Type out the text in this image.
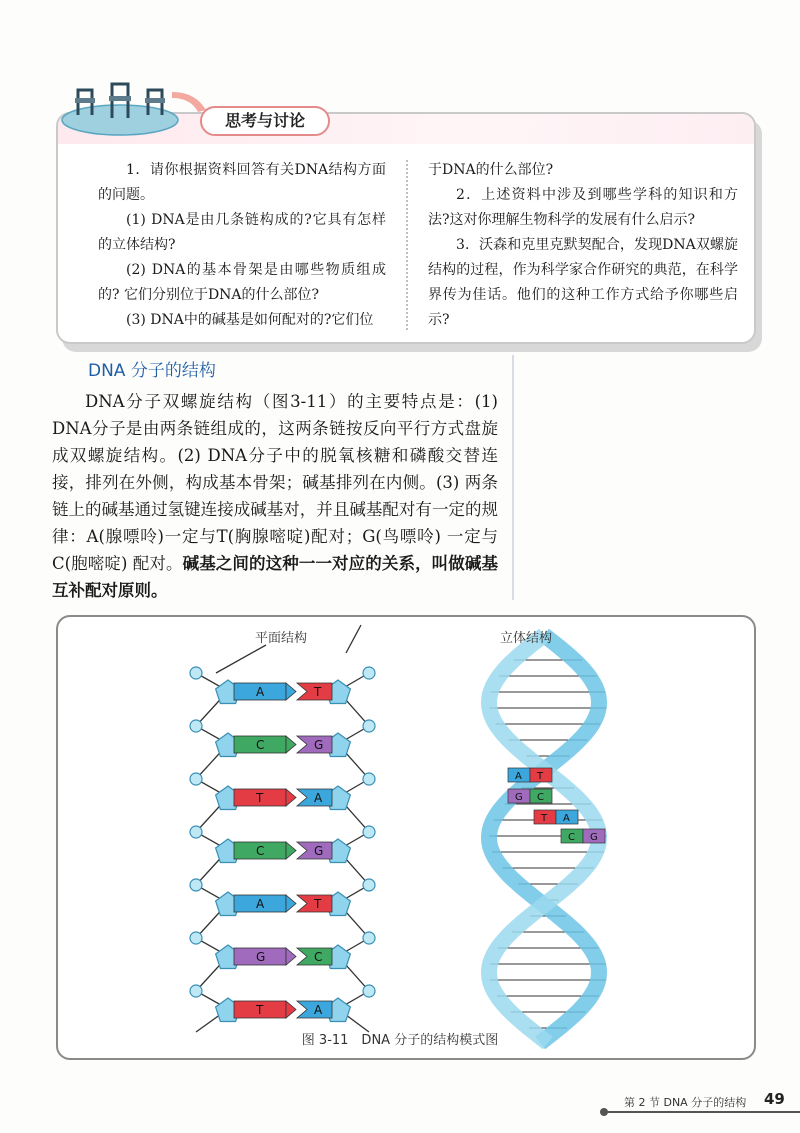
思考与讨论

1．请你根据资料回答有关DNA结构方面的问题。

(1) DNA是由几条链构成的?它具有怎样的立体结构?

(2) DNA的基本骨架是由哪些物质组成的? 它们分别位于DNA的什么部位?

(3) DNA中的碱基是如何配对的?它们位

于DNA的什么部位?

2．上述资料中涉及到哪些学科的知识和方法?这对你理解生物科学的发展有什么启示?

3．沃森和克里克默契配合，发现DNA双螺旋结构的过程，作为科学家合作研究的典范，在科学界传为佳话。他们的这种工作方式给予你哪些启示?

DNA 分子的结构

DNA分子双螺旋结构（图3-11）的主要特点是：(1) DNA分子是由两条链组成的，这两条链按反向平行方式盘旋成双螺旋结构。(2) DNA分子中的脱氧核糖和磷酸交替连接，排列在外侧，构成基本骨架；碱基排列在内侧。(3) 两条链上的碱基通过氢键连接成碱基对，并且碱基配对有一定的规律：A(腺嘌呤)一定与T(胸腺嘧啶)配对；G(鸟嘌呤) 一定与C(胞嘧啶) 配对。碱基之间的这种一一对应的关系，叫做碱基互补配对原则。

A	T
C	G
T	A
C	G
A	T
G	C
T	A
A T
G C
T A
C G
平面结构	立体结构
图 3-11　DNA 分子的结构模式图
第 2 节 DNA 分子的结构 49
